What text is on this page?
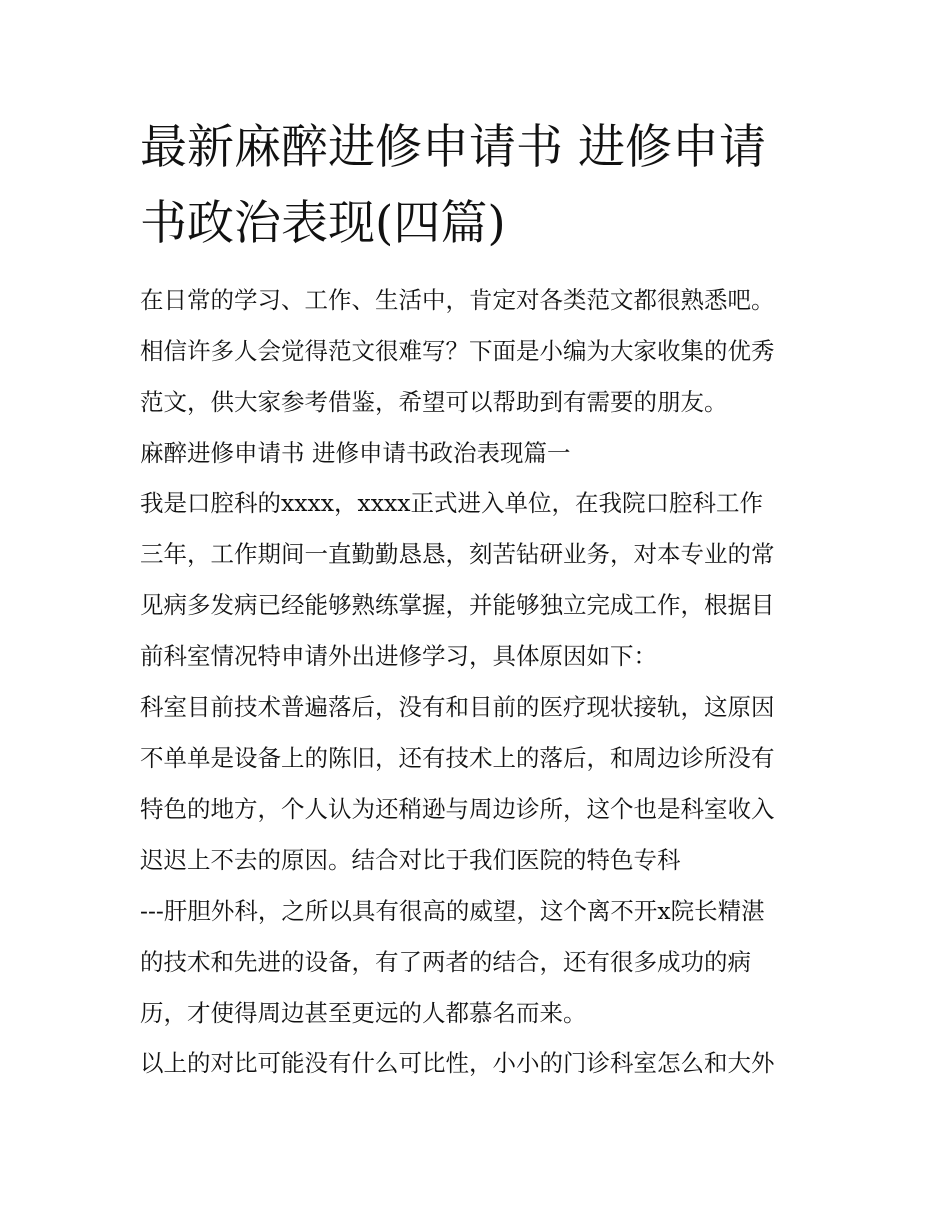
最新麻醉进修申请书 进修申请
书政治表现(四篇)

在日常的学习、工作、生活中，肯定对各类范文都很熟悉吧。

相信许多人会觉得范文很难写？下面是小编为大家收集的优秀

范文，供大家参考借鉴，希望可以帮助到有需要的朋友。

麻醉进修申请书 进修申请书政治表现篇一

我是口腔科的xxxx，xxxx正式进入单位，在我院口腔科工作

三年，工作期间一直勤勤恳恳，刻苦钻研业务，对本专业的常

见病多发病已经能够熟练掌握，并能够独立完成工作，根据目

前科室情况特申请外出进修学习，具体原因如下：

科室目前技术普遍落后，没有和目前的医疗现状接轨，这原因

不单单是设备上的陈旧，还有技术上的落后，和周边诊所没有

特色的地方，个人认为还稍逊与周边诊所，这个也是科室收入

迟迟上不去的原因。结合对比于我们医院的特色专科

---肝胆外科，之所以具有很高的威望，这个离不开x院长精湛

的技术和先进的设备，有了两者的结合，还有很多成功的病

历，才使得周边甚至更远的人都慕名而来。

以上的对比可能没有什么可比性，小小的门诊科室怎么和大外
